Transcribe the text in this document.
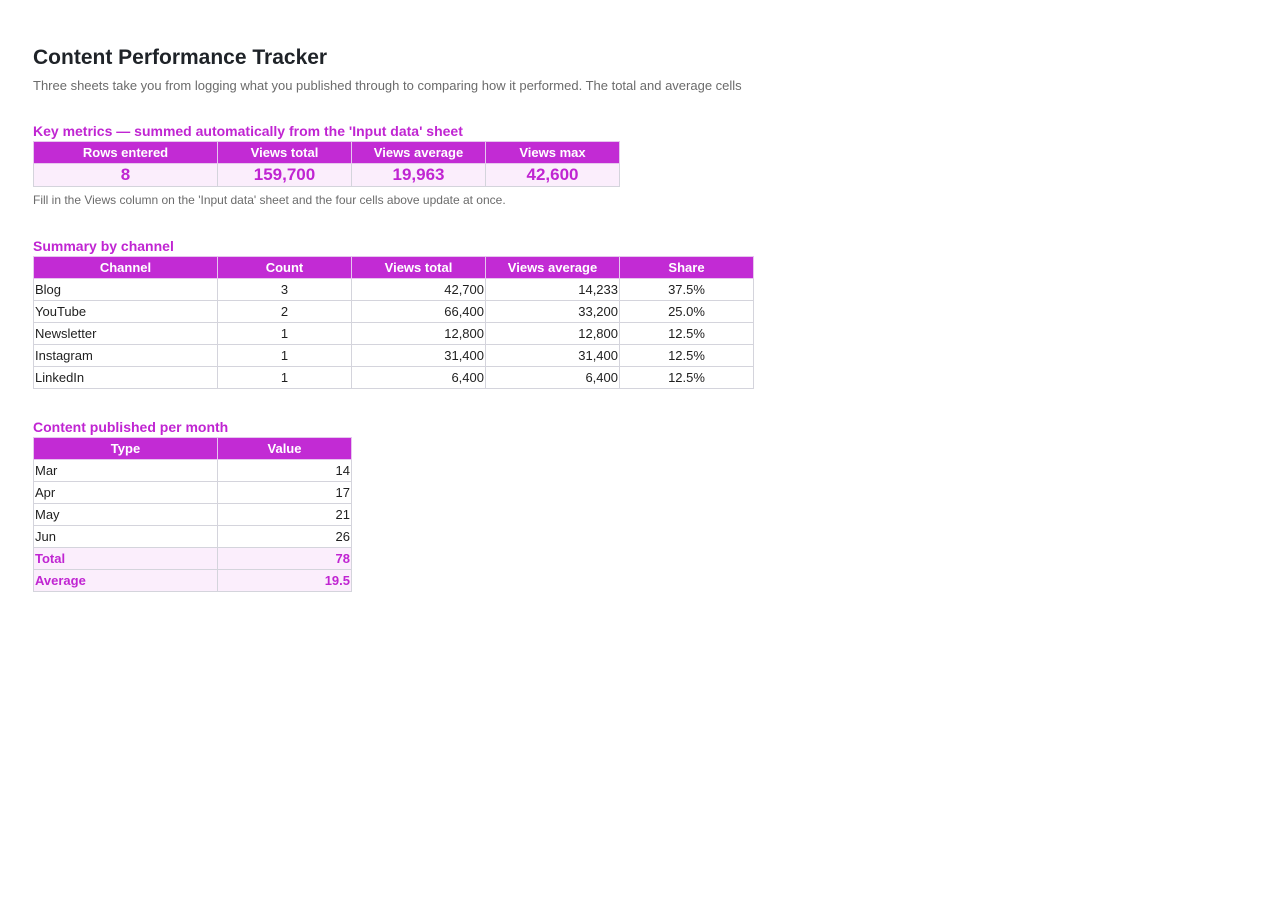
Content Performance Tracker
Three sheets take you from logging what you published through to comparing how it performed. The total and average cells
Key metrics — summed automatically from the 'Input data' sheet
Rows entered	Views total	Views average	Views max
8	159,700	19,963	42,600
Fill in the Views column on the 'Input data' sheet and the four cells above update at once.
Summary by channel
Channel	Count	Views total	Views average	Share
Blog	3	42,700	14,233	37.5%
YouTube	2	66,400	33,200	25.0%
Newsletter	1	12,800	12,800	12.5%
Instagram	1	31,400	31,400	12.5%
LinkedIn	1	6,400	6,400	12.5%
Content published per month
Type	Value
Mar	14
Apr	17
May	21
Jun	26
Total	78
Average	19.5
